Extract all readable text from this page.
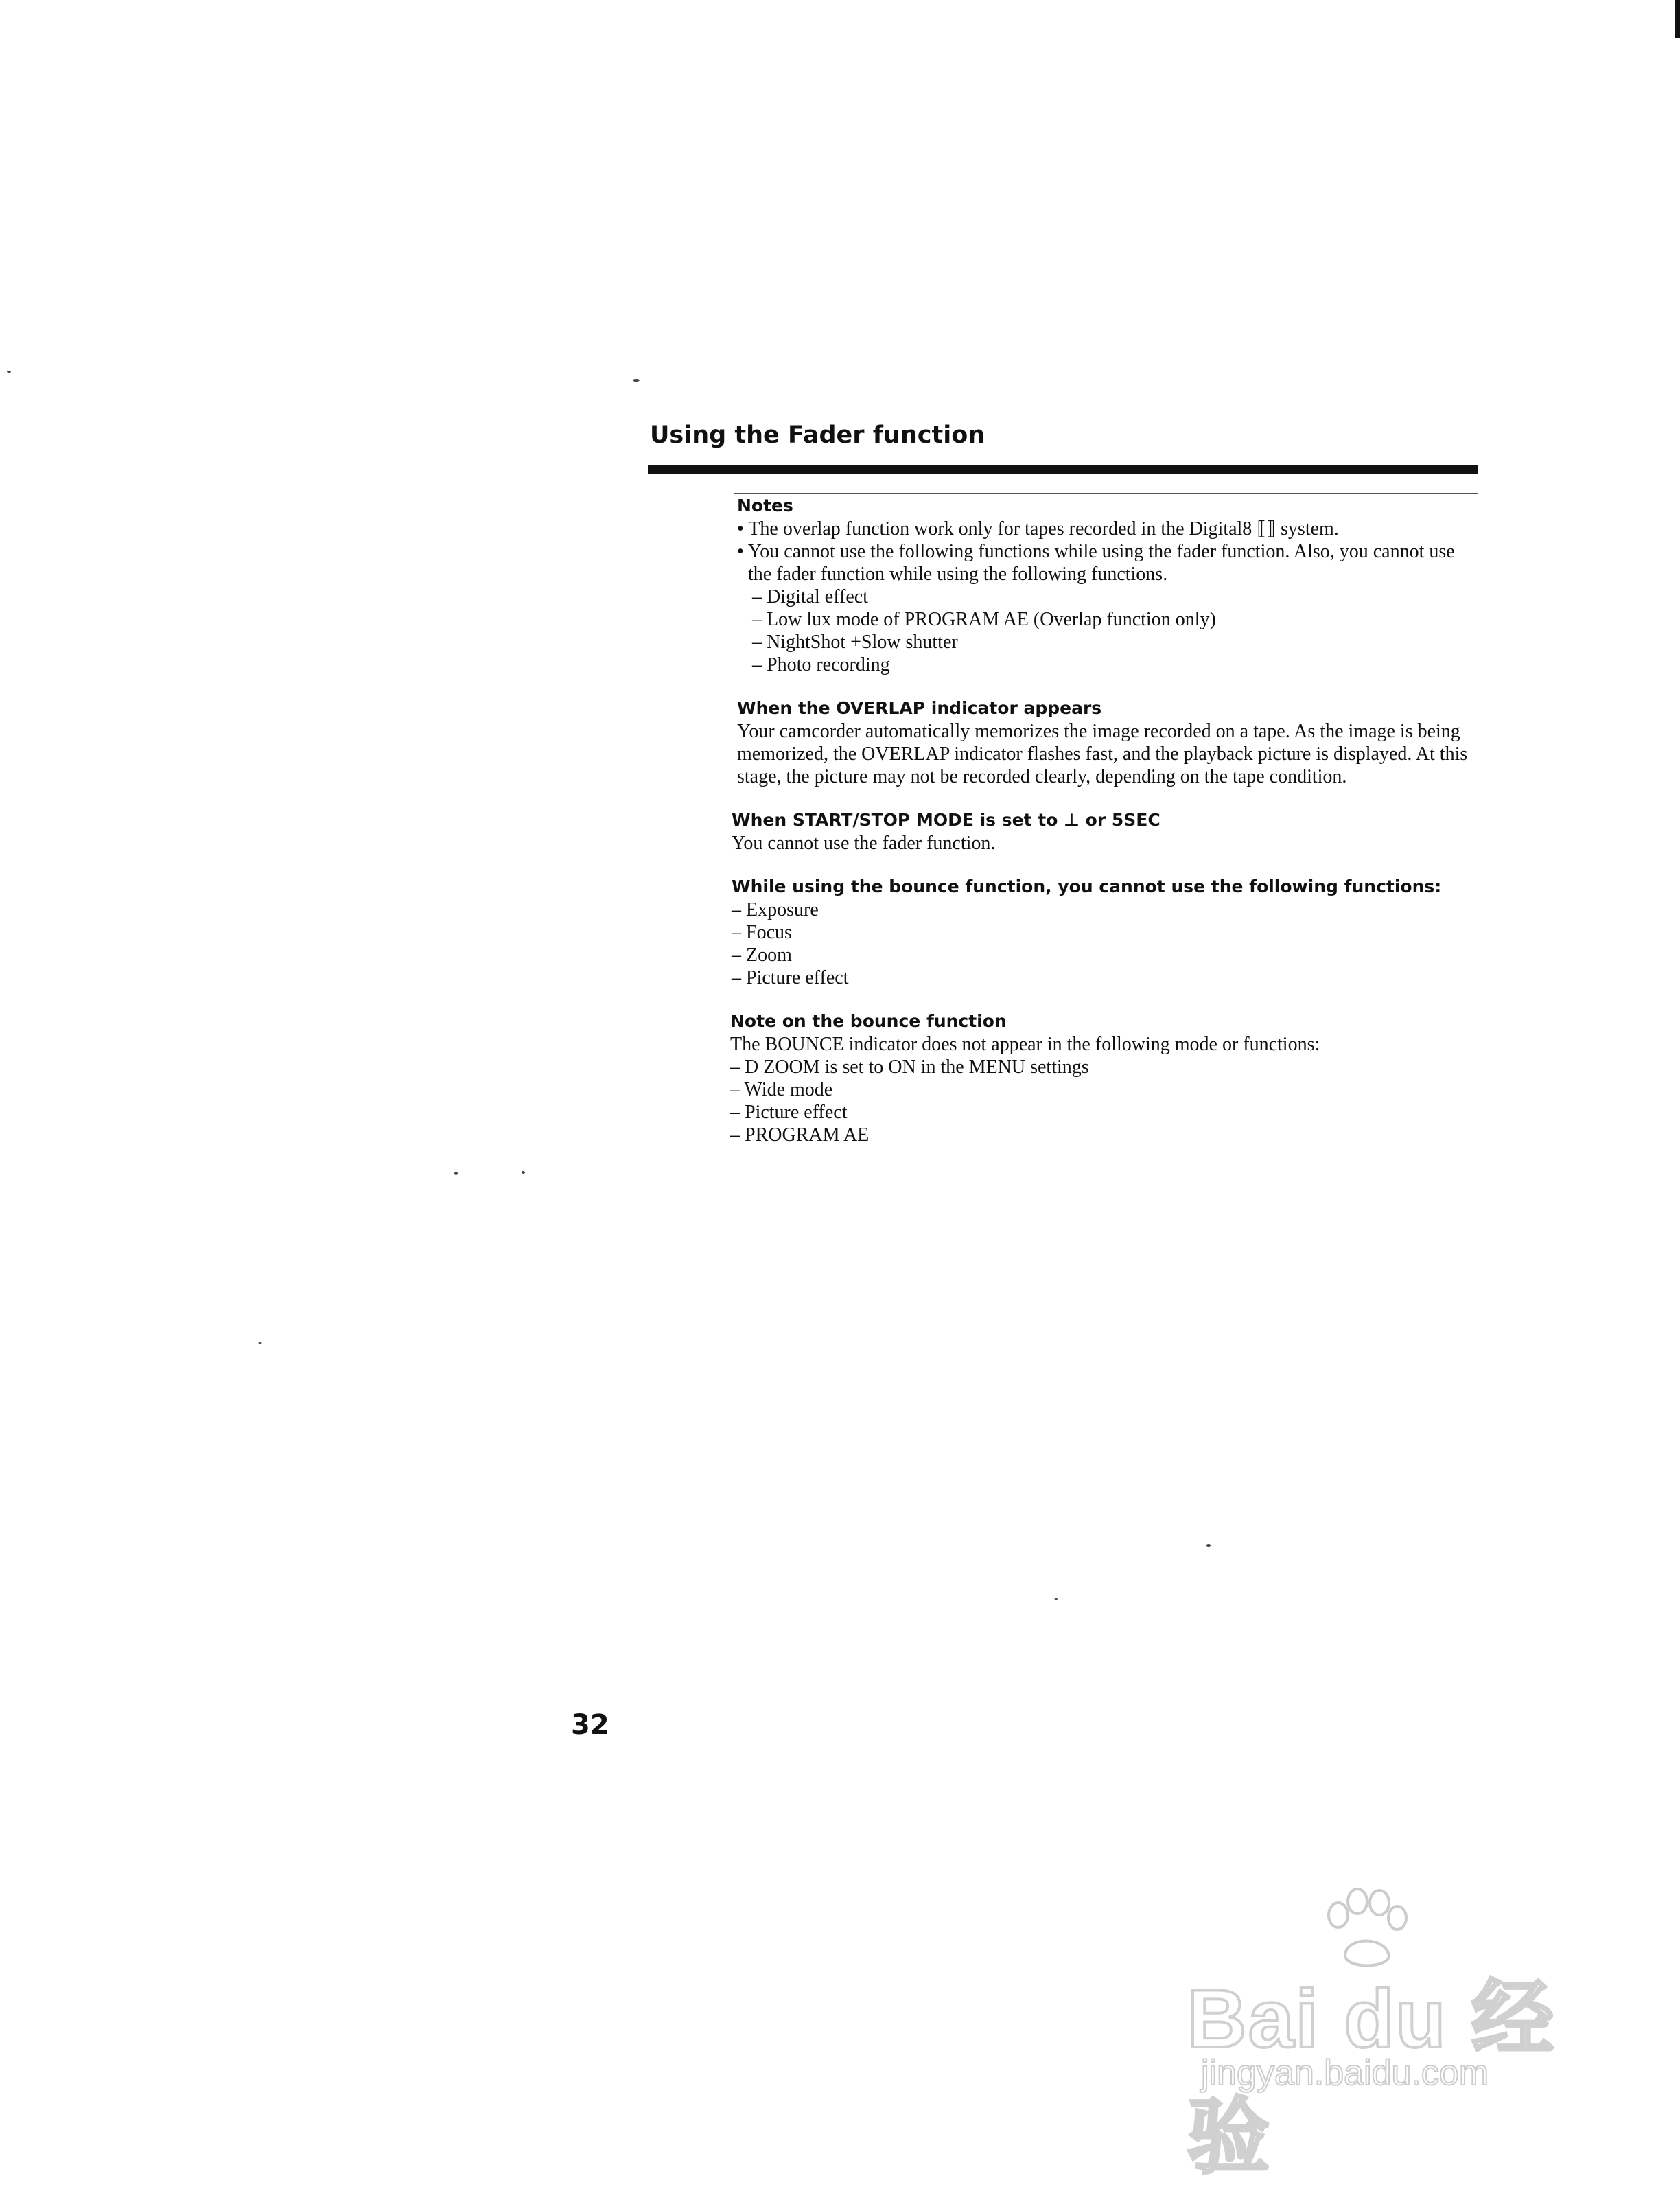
Using the Fader function
Notes
• The overlap function work only for tapes recorded in the Digital8 ⟦⟧ system.
• You cannot use the following functions while using the fader function. Also, you cannot use the fader function while using the following functions.
– Digital effect
– Low lux mode of PROGRAM AE (Overlap function only)
– NightShot +Slow shutter
– Photo recording
When the OVERLAP indicator appears
Your camcorder automatically memorizes the image recorded on a tape. As the image is being memorized, the OVERLAP indicator flashes fast, and the playback picture is displayed. At this stage, the picture may not be recorded clearly, depending on the tape condition.
When START/STOP MODE is set to ⊥ or 5SEC
You cannot use the fader function.
While using the bounce function, you cannot use the following functions:
– Exposure
– Focus
– Zoom
– Picture effect
Note on the bounce function
The BOUNCE indicator does not appear in the following mode or functions:
– D ZOOM is set to ON in the MENU settings
– Wide mode
– Picture effect
– PROGRAM AE
32
Bai du 经验
jingyan.baidu.com
